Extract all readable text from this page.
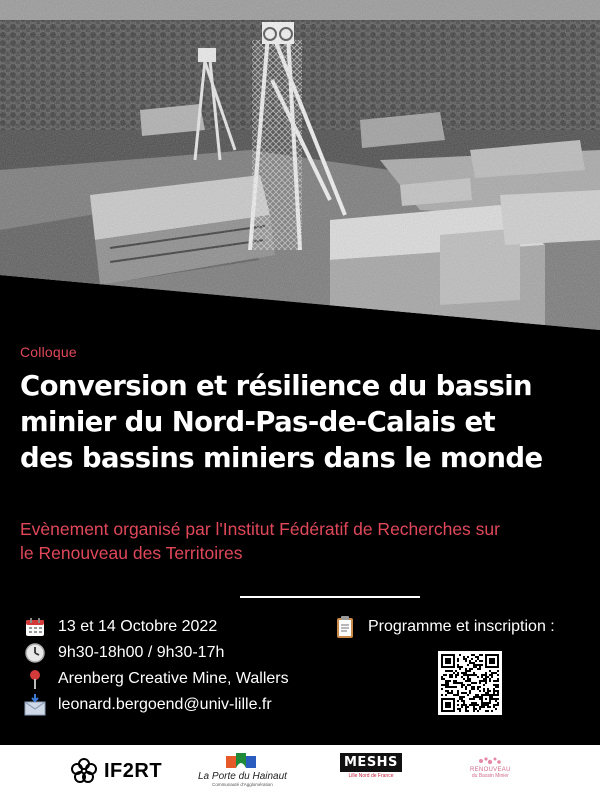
Colloque
Conversion et résilience du bassin
minier du Nord-Pas-de-Calais et
des bassins miniers dans le monde
Evènement organisé par l'Institut Fédératif de Recherches sur
le Renouveau des Territoires
13 et 14 Octobre 2022
9h30-18h00 / 9h30-17h
Arenberg Creative Mine, Wallers
leonard.bergoend@univ-lille.fr
Programme et inscription :
IF2RT	La Porte du Hainaut
Communauté d'Agglomération
MESHS
Lille Nord de France
RENOUVEAU
du Bassin Minier
